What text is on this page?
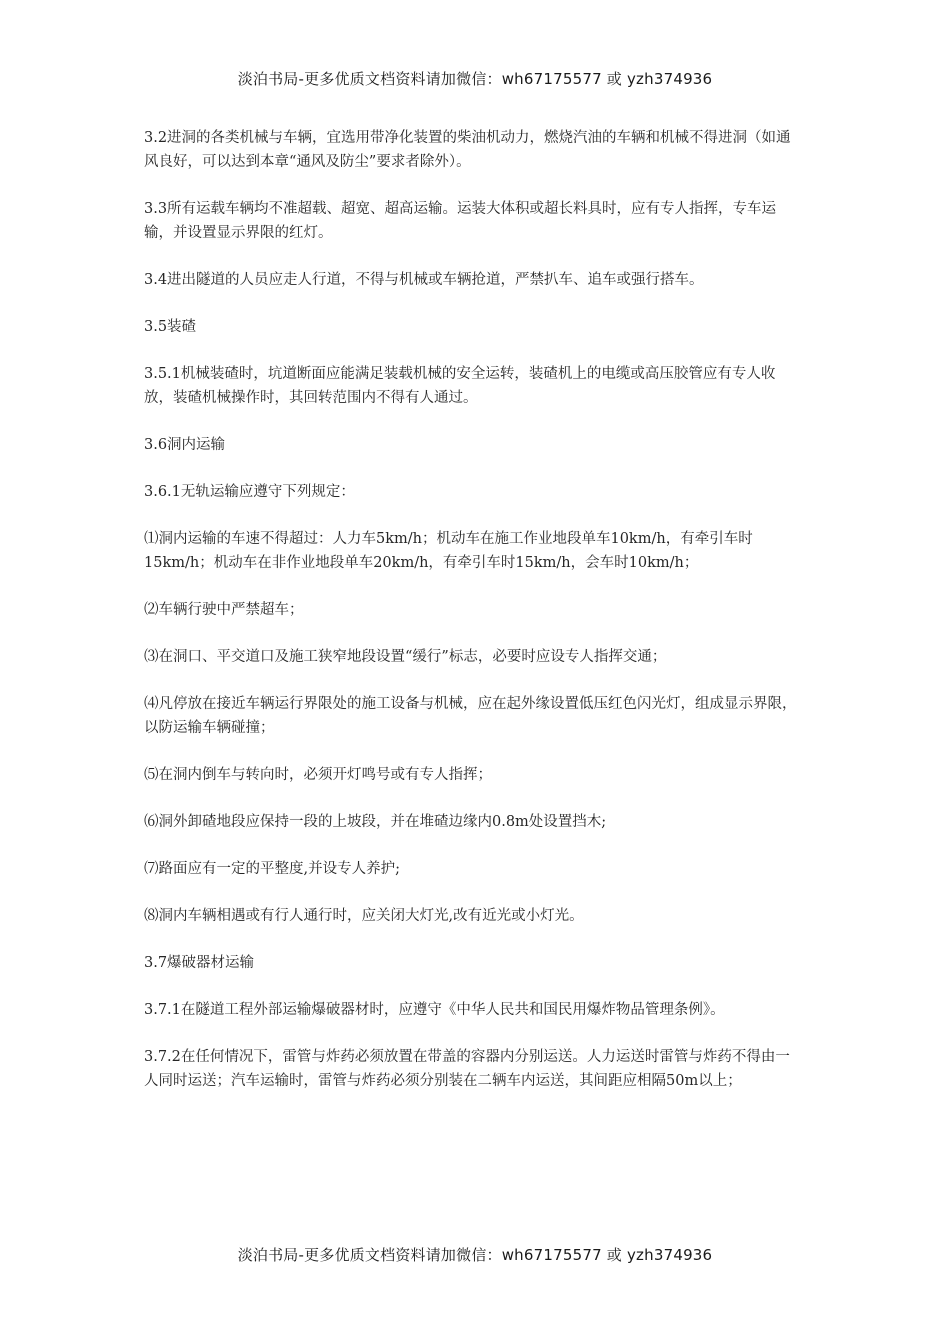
淡泊书局-更多优质文档资料请加微信：wh67175577 或 yzh374936

3.2进洞的各类机械与车辆，宜选用带净化装置的柴油机动力，燃烧汽油的车辆和机械不得进洞（如通风良好，可以达到本章“通风及防尘”要求者除外）。

3.3所有运载车辆均不准超载、超宽、超高运输。运装大体积或超长料具时，应有专人指挥，专车运输，并设置显示界限的红灯。

3.4进出隧道的人员应走人行道，不得与机械或车辆抢道，严禁扒车、追车或强行搭车。

3.5装碴

3.5.1机械装碴时，坑道断面应能满足装载机械的安全运转，装碴机上的电缆或高压胶管应有专人收放，装碴机械操作时，其回转范围内不得有人通过。

3.6洞内运输

3.6.1无轨运输应遵守下列规定：

⑴洞内运输的车速不得超过：人力车5km/h；机动车在施工作业地段单车10km/h，有牵引车时15km/h；机动车在非作业地段单车20km/h，有牵引车时15km/h，会车时10km/h；

⑵车辆行驶中严禁超车；

⑶在洞口、平交道口及施工狭窄地段设置“缓行”标志，必要时应设专人指挥交通；

⑷凡停放在接近车辆运行界限处的施工设备与机械，应在起外缘设置低压红色闪光灯，组成显示界限，以防运输车辆碰撞；

⑸在洞内倒车与转向时，必须开灯鸣号或有专人指挥；

⑹洞外卸碴地段应保持一段的上坡段，并在堆碴边缘内0.8m处设置挡木;

⑺路面应有一定的平整度,并设专人养护;

⑻洞内车辆相遇或有行人通行时，应关闭大灯光,改有近光或小灯光。

3.7爆破器材运输

3.7.1在隧道工程外部运输爆破器材时，应遵守《中华人民共和国民用爆炸物品管理条例》。

3.7.2在任何情况下，雷管与炸药必须放置在带盖的容器内分别运送。人力运送时雷管与炸药不得由一人同时运送；汽车运输时，雷管与炸药必须分别装在二辆车内运送，其间距应相隔50m以上；

淡泊书局-更多优质文档资料请加微信：wh67175577 或 yzh374936
